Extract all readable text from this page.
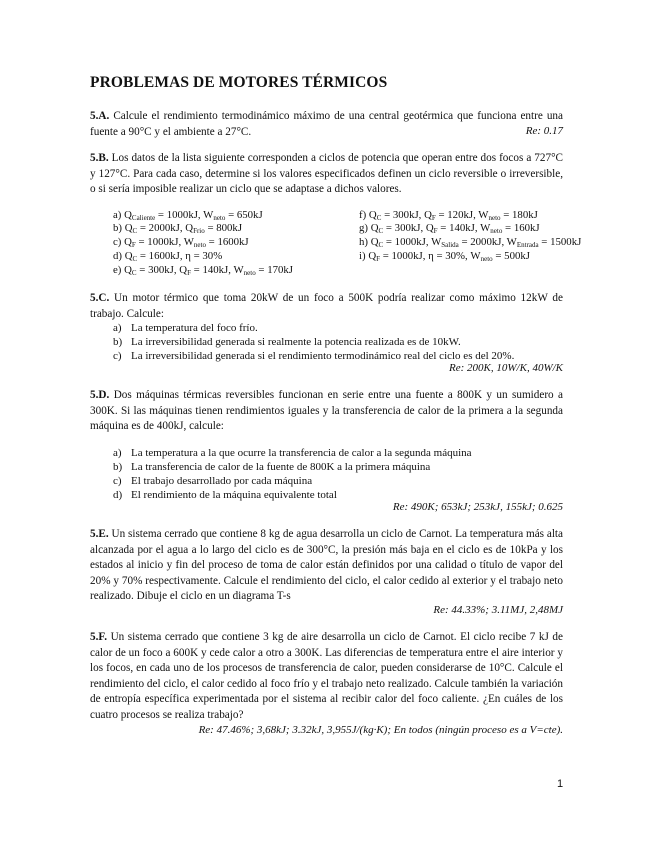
PROBLEMAS DE MOTORES TÉRMICOS

5.A. Calcule el rendimiento termodinámico máximo de una central geotérmica que funciona entre una fuente a 90°C y el ambiente a 27°C.	Re: 0.17

5.B. Los datos de la lista siguiente corresponden a ciclos de potencia que operan entre dos focos a 727°C y 127°C. Para cada caso, determine si los valores especificados definen un ciclo reversible o irreversible, o si sería imposible realizar un ciclo que se adaptase a dichos valores.

a) $Q_{Caliente} = 1000kJ$, $W_{neto} = 650kJ$
b) $Q_C = 2000kJ$, $Q_{Frio} = 800kJ$
c) $Q_F = 1000kJ$, $W_{neto} = 1600kJ$
d) $Q_C = 1600kJ$, η = 30%
e) $Q_C = 300kJ$, $Q_F = 140kJ$, $W_{neto} = 170kJ$
f) $Q_C = 300kJ$, $Q_F = 120kJ$, $W_{neto} = 180kJ$
g) $Q_C = 300kJ$, $Q_F = 140kJ$, $W_{neto} = 160kJ$
h) $Q_C = 1000kJ$, $W_{Salida} = 2000kJ$, $W_{Entrada} = 1500kJ$
i) $Q_F = 1000kJ$, η = 30%, $W_{neto} = 500kJ$

5.C. Un motor térmico que toma 20kW de un foco a 500K podría realizar como máximo 12kW de trabajo. Calcule:

a) La temperatura del foco frío.
b) La irreversibilidad generada si realmente la potencia realizada es de 10kW.
c) La irreversibilidad generada si el rendimiento termodinámico real del ciclo es del 20%.
Re: 200K, 10W/K, 40W/K

5.D. Dos máquinas térmicas reversibles funcionan en serie entre una fuente a 800K y un sumidero a 300K. Si las máquinas tienen rendimientos iguales y la transferencia de calor de la primera a la segunda máquina es de 400kJ, calcule:

a) La temperatura a la que ocurre la transferencia de calor a la segunda máquina
b) La transferencia de calor de la fuente de 800K a la primera máquina
c) El trabajo desarrollado por cada máquina
d) El rendimiento de la máquina equivalente total
Re: 490K; 653kJ; 253kJ, 155kJ; 0.625

5.E. Un sistema cerrado que contiene 8 kg de agua desarrolla un ciclo de Carnot. La temperatura más alta alcanzada por el agua a lo largo del ciclo es de 300°C, la presión más baja en el ciclo es de 10kPa y los estados al inicio y fin del proceso de toma de calor están definidos por una calidad o título de vapor del 20% y 70% respectivamente. Calcule el rendimiento del ciclo, el calor cedido al exterior y el trabajo neto realizado. Dibuje el ciclo en un diagrama T-s

Re: 44.33%; 3.11MJ, 2,48MJ

5.F. Un sistema cerrado que contiene 3 kg de aire desarrolla un ciclo de Carnot. El ciclo recibe 7 kJ de calor de un foco a 600K y cede calor a otro a 300K. Las diferencias de temperatura entre el aire interior y los focos, en cada uno de los procesos de transferencia de calor, pueden considerarse de 10°C. Calcule el rendimiento del ciclo, el calor cedido al foco frío y el trabajo neto realizado. Calcule también la variación de entropía específica experimentada por el sistema al recibir calor del foco caliente. ¿En cuáles de los cuatro procesos se realiza trabajo?

Re: 47.46%; 3,68kJ; 3.32kJ, 3,955J/(kg·K); En todos (ningún proceso es a V=cte).
1
